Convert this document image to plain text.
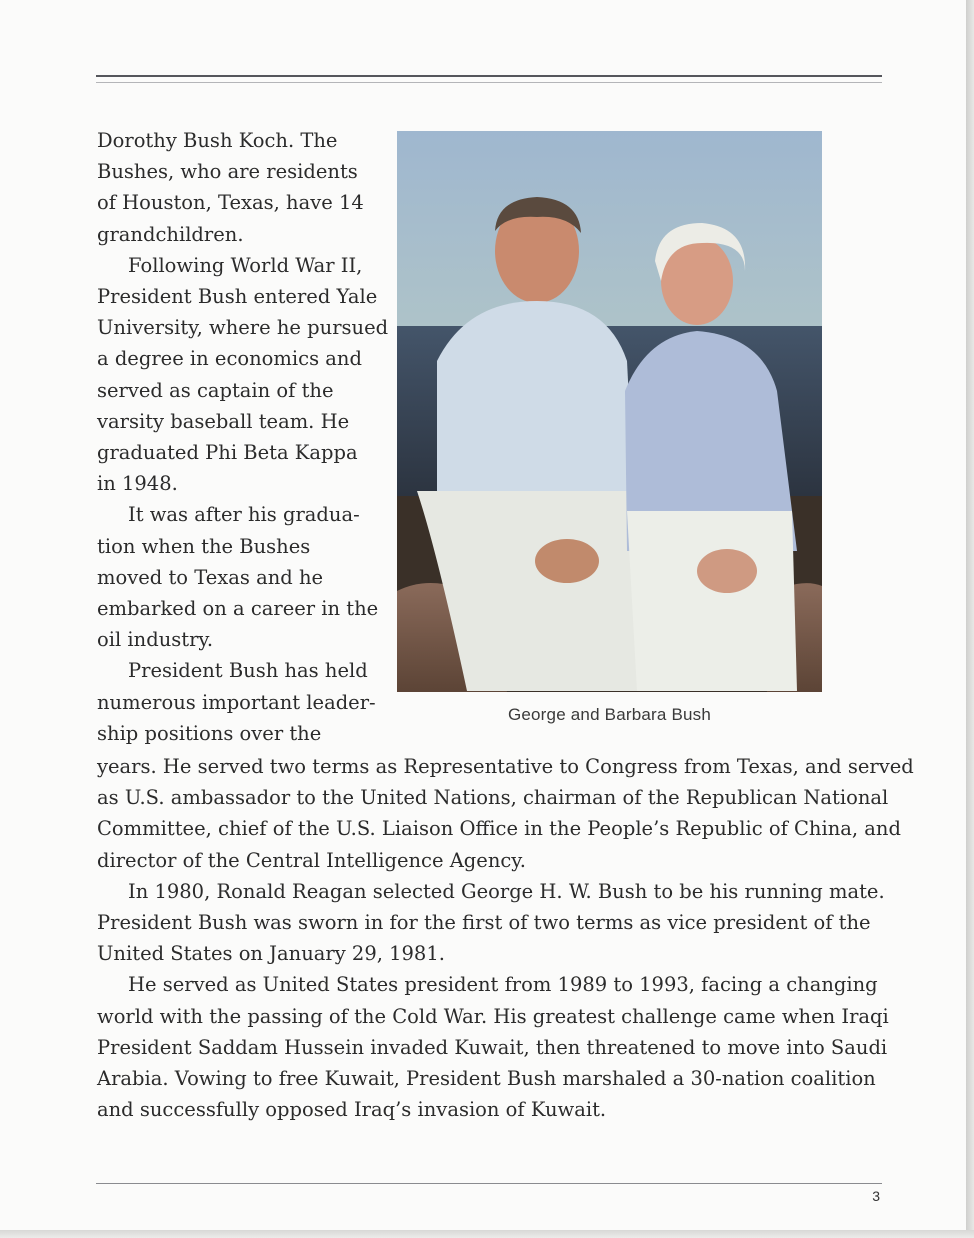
Dorothy Bush Koch. The
Bushes, who are residents
of Houston, Texas, have 14
grandchildren.
Following World War II,
President Bush entered Yale
University, where he pursued
a degree in economics and
served as captain of the
varsity baseball team. He
graduated Phi Beta Kappa
in 1948.
It was after his gradua-
tion when the Bushes
moved to Texas and he
embarked on a career in the
oil industry.
President Bush has held
numerous important leader-
ship positions over the
George and Barbara Bush
years. He served two terms as Representative to Congress from Texas, and served
as U.S. ambassador to the United Nations, chairman of the Republican National
Committee, chief of the U.S. Liaison Office in the People’s Republic of China, and
director of the Central Intelligence Agency.
In 1980, Ronald Reagan selected George H. W. Bush to be his running mate.
President Bush was sworn in for the first of two terms as vice president of the
United States on January 29, 1981.
He served as United States president from 1989 to 1993, facing a changing
world with the passing of the Cold War. His greatest challenge came when Iraqi
President Saddam Hussein invaded Kuwait, then threatened to move into Saudi
Arabia. Vowing to free Kuwait, President Bush marshaled a 30-nation coalition
and successfully opposed Iraq’s invasion of Kuwait.
3
